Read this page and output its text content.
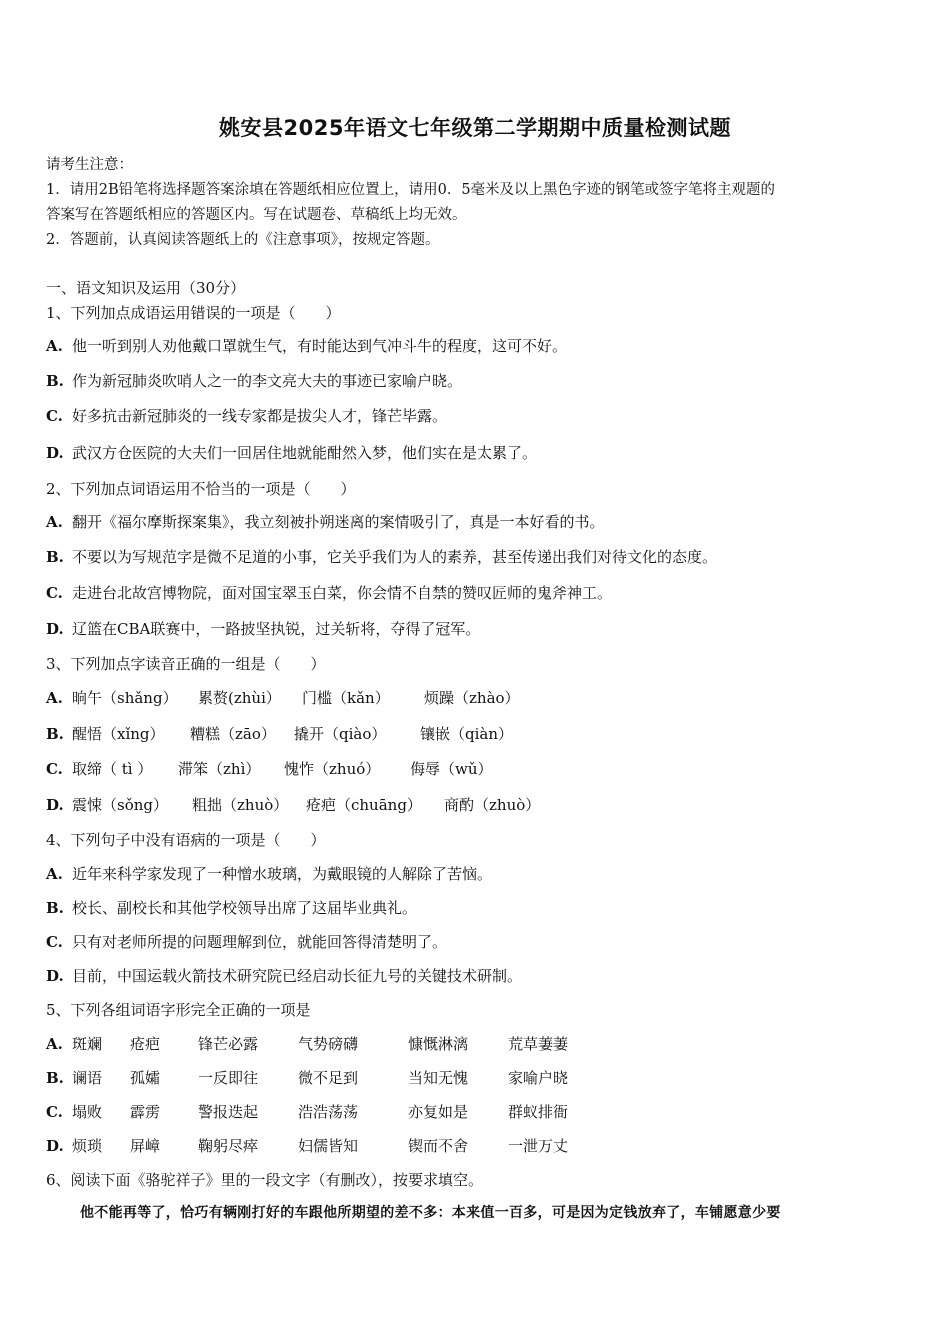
姚安县2025年语文七年级第二学期期中质量检测试题
请考生注意：
1．请用2B铅笔将选择题答案涂填在答题纸相应位置上，请用0．5毫米及以上黑色字迹的钢笔或签字笔将主观题的
答案写在答题纸相应的答题区内。写在试题卷、草稿纸上均无效。
2．答题前，认真阅读答题纸上的《注意事项》，按规定答题。
一、语文知识及运用（30分）
1、下列加点成语运用错误的一项是（　　）
A. 他一听到别人劝他戴口罩就生气，有时能达到气冲斗牛的程度，这可不好。
B. 作为新冠肺炎吹哨人之一的李文亮大夫的事迹已家喻户晓。
C. 好多抗击新冠肺炎的一线专家都是拔尖人才，锋芒毕露。
D. 武汉方仓医院的大夫们一回居住地就能酣然入梦，他们实在是太累了。
2、下列加点词语运用不恰当的一项是（　　）
A. 翻开《福尔摩斯探案集》，我立刻被扑朔迷离的案情吸引了，真是一本好看的书。
B. 不要以为写规范字是微不足道的小事，它关乎我们为人的素养，甚至传递出我们对待文化的态度。
C. 走进台北故宫博物院，面对国宝翠玉白菜，你会情不自禁的赞叹匠师的鬼斧神工。
D. 辽篮在CBA联赛中，一路披坚执锐，过关斩将，夺得了冠军。
3、下列加点字读音正确的一组是（　　）
A. 晌午（shǎng） 累赘(zhùi） 门槛（kǎn） 烦躁（zhào）
B. 醒悟（xǐng） 糟糕（zāo） 撬开（qiào） 镶嵌（qiàn）
C. 取缔（ tì ） 滞笨（zhì） 愧怍（zhuó） 侮辱（wǔ）
D. 震悚（sǒng） 粗拙（zhuò） 疮疤（chuāng） 商酌（zhuò）
4、下列句子中没有语病的一项是（　　）
A. 近年来科学家发现了一种憎水玻璃，为戴眼镜的人解除了苦恼。
B. 校长、副校长和其他学校领导出席了这届毕业典礼。
C. 只有对老师所提的问题理解到位，就能回答得清楚明了。
D. 目前，中国运载火箭技术研究院已经启动长征九号的关键技术研制。
5、下列各组词语字形完全正确的一项是
A. 斑斓 疮疤	锋芒必露	气势磅礴	慷慨淋漓	荒草萋萋
B. 谰语 孤孀	一反即往	微不足到	当知无愧	家喻户晓
C. 塌败 霹雳	警报迭起	浩浩荡荡	亦复如是	群蚁排衙
D. 烦琐 屏嶂	鞠躬尽瘁	妇儒皆知	锲而不舍	一泄万丈
6、阅读下面《骆驼祥子》里的一段文字（有删改），按要求填空。
他不能再等了，恰巧有辆刚打好的车跟他所期望的差不多：本来值一百多，可是因为定钱放弃了，车铺愿意少要
